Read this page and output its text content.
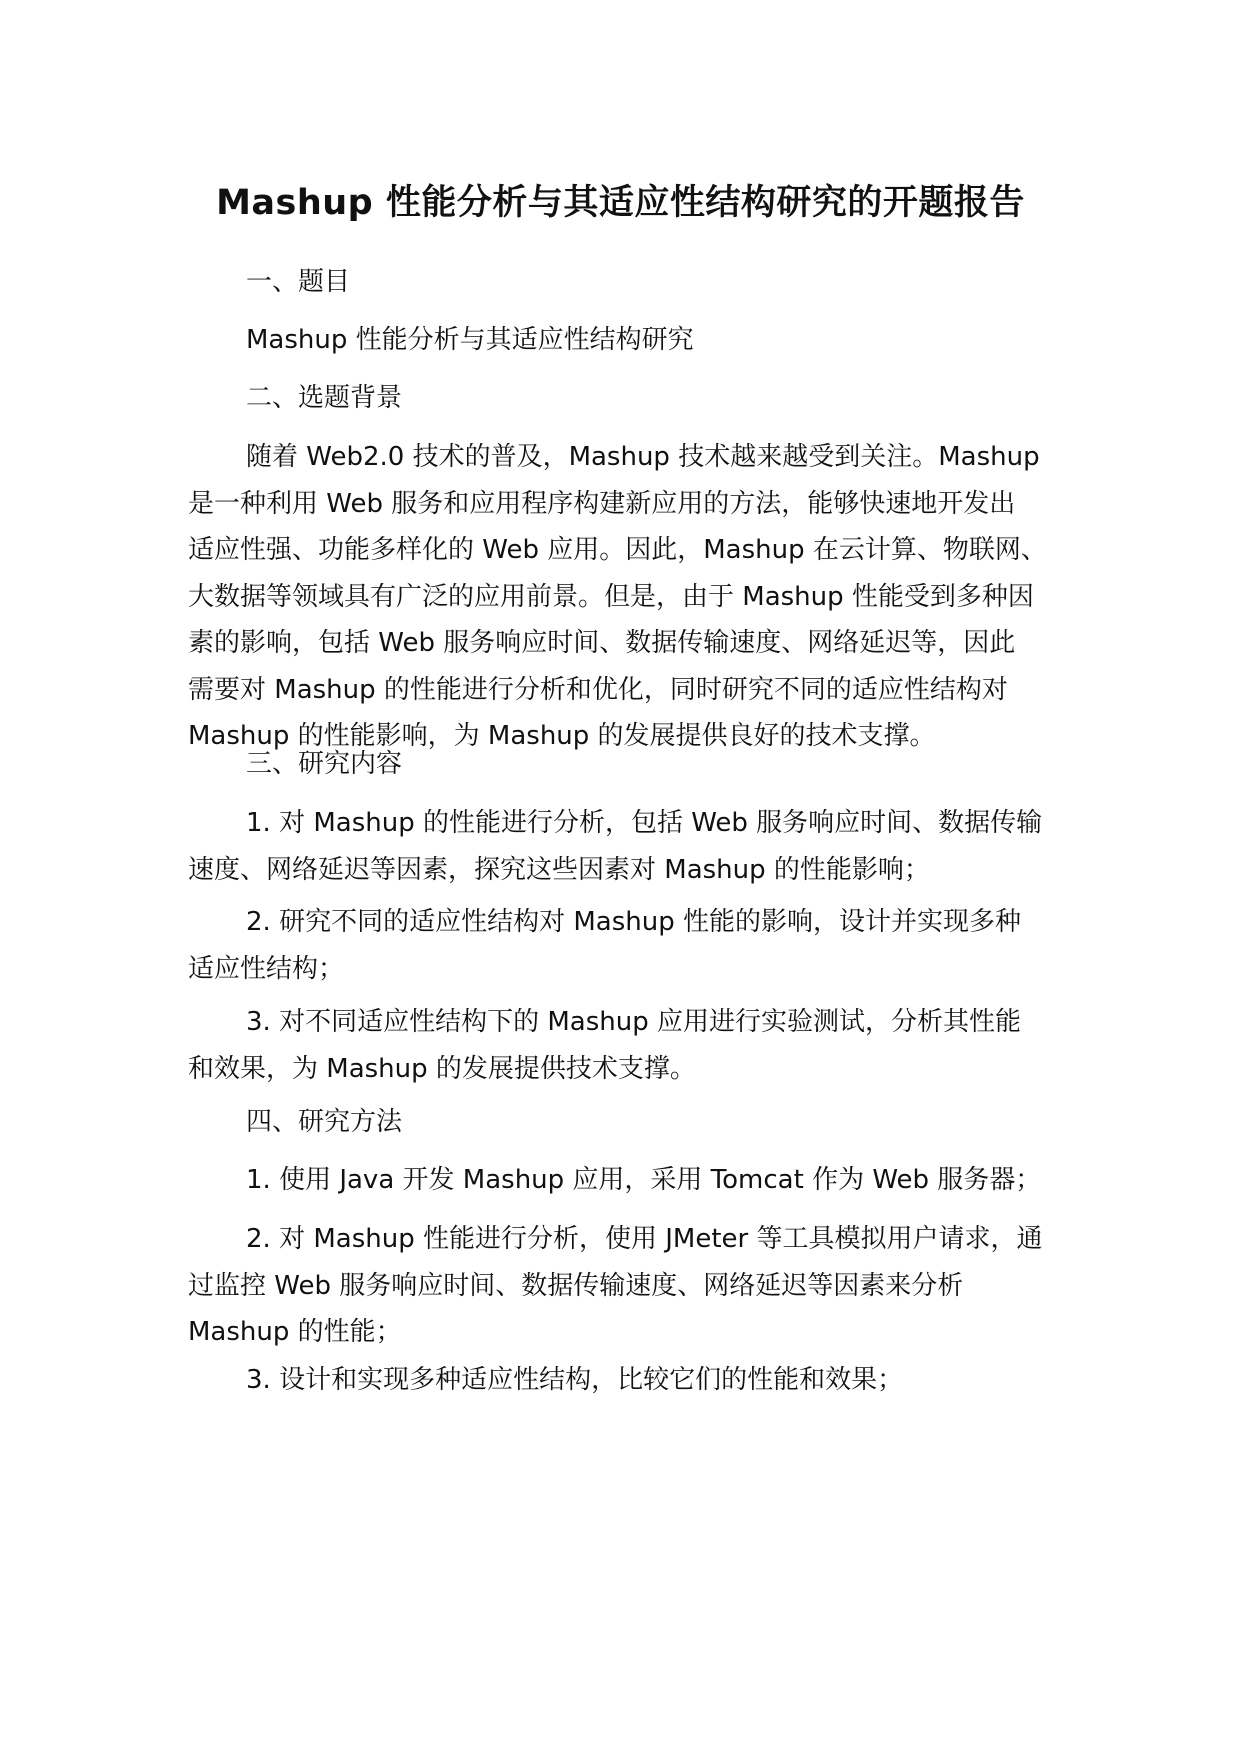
Mashup 性能分析与其适应性结构研究的开题报告

一、题目

Mashup 性能分析与其适应性结构研究

二、选题背景

随着 Web2.0 技术的普及，Mashup 技术越来越受到关注。Mashup
是一种利用 Web 服务和应用程序构建新应用的方法，能够快速地开发出
适应性强、功能多样化的 Web 应用。因此，Mashup 在云计算、物联网、
大数据等领域具有广泛的应用前景。但是，由于 Mashup 性能受到多种因
素的影响，包括 Web 服务响应时间、数据传输速度、网络延迟等，因此
需要对 Mashup 的性能进行分析和优化，同时研究不同的适应性结构对
Mashup 的性能影响，为 Mashup 的发展提供良好的技术支撑。

三、研究内容

1. 对 Mashup 的性能进行分析，包括 Web 服务响应时间、数据传输
速度、网络延迟等因素，探究这些因素对 Mashup 的性能影响；

2. 研究不同的适应性结构对 Mashup 性能的影响，设计并实现多种
适应性结构；

3. 对不同适应性结构下的 Mashup 应用进行实验测试，分析其性能
和效果，为 Mashup 的发展提供技术支撑。

四、研究方法

1. 使用 Java 开发 Mashup 应用，采用 Tomcat 作为 Web 服务器；

2. 对 Mashup 性能进行分析，使用 JMeter 等工具模拟用户请求，通
过监控 Web 服务响应时间、数据传输速度、网络延迟等因素来分析
Mashup 的性能；

3. 设计和实现多种适应性结构，比较它们的性能和效果；
